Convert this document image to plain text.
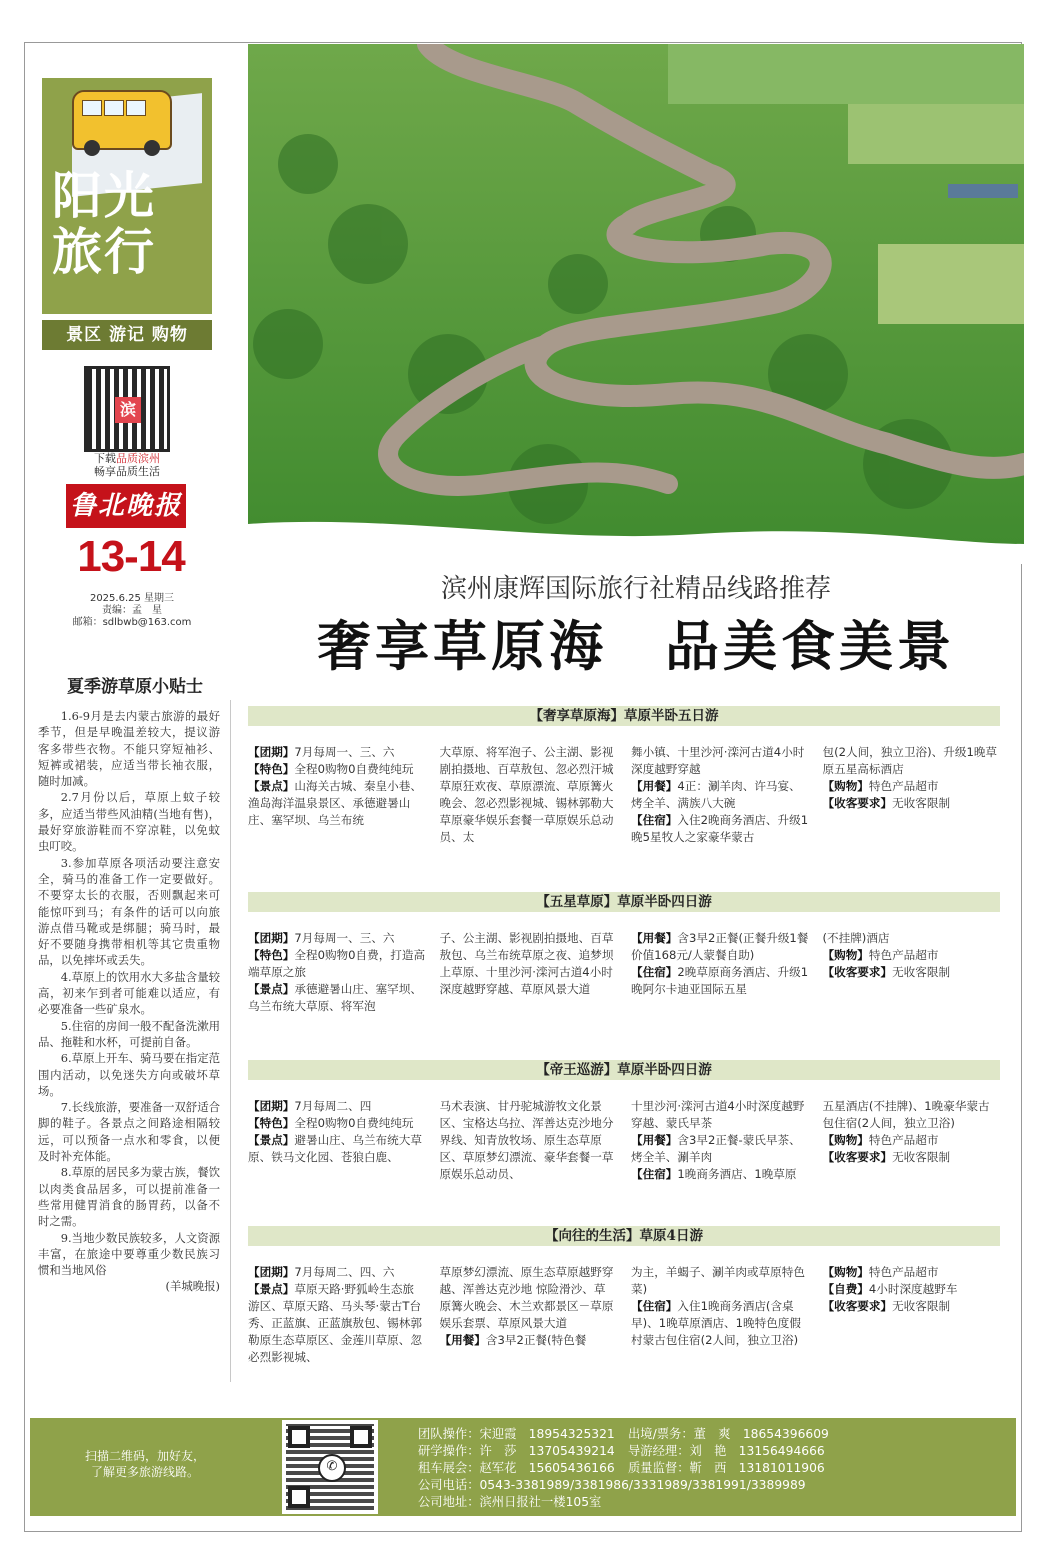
阳光
旅行
景区 游记 购物
滨
下载品质滨州
畅享品质生活
鲁北晚报
13-14
2025.6.25 星期三
责编：孟　星
邮箱：sdlbwb@163.com
滨州康辉国际旅行社精品线路推荐
奢享草原海　品美食美景
夏季游草原小贴士

1.6-9月是去内蒙古旅游的最好季节，但是早晚温差较大，提议游客多带些衣物。不能只穿短袖衫、短裤或裙装，应适当带长袖衣服，随时加减。

2.7月份以后，草原上蚊子较多，应适当带些风油精(当地有售)，最好穿旅游鞋而不穿凉鞋，以免蚊虫叮咬。

3.参加草原各项活动要注意安全，骑马的准备工作一定要做好。不要穿太长的衣服，否则飘起来可能惊吓到马；有条件的话可以向旅游点借马靴或是绑腿；骑马时，最好不要随身携带相机等其它贵重物品，以免摔坏或丢失。

4.草原上的饮用水大多盐含量较高，初来乍到者可能难以适应，有必要准备一些矿泉水。

5.住宿的房间一般不配备洗漱用品、拖鞋和水杯，可提前自备。

6.草原上开车、骑马要在指定范围内活动，以免迷失方向或破坏草场。

7.长线旅游，要准备一双舒适合脚的鞋子。各景点之间路途相隔较远，可以预备一点水和零食，以便及时补充体能。

8.草原的居民多为蒙古族，餐饮以肉类食品居多，可以提前准备一些常用健胃消食的肠胃药，以备不时之需。

9.当地少数民族较多，人文资源丰富，在旅途中要尊重少数民族习惯和当地风俗

(羊城晚报)

【奢享草原海】草原半卧五日游
【团期】7月每周一、三、六
【特色】全程0购物0自费纯纯玩
【景点】山海关古城、秦皇小巷、渔岛海洋温泉景区、承德避暑山庄、塞罕坝、乌兰布统
大草原、将军泡子、公主湖、影视剧拍摄地、百草敖包、忽必烈汗城草原狂欢夜、草原漂流、草原篝火晚会、忽必烈影视城、锡林郭勒大草原豪华娱乐套餐一草原娱乐总动员、太
舞小镇、十里沙河·滦河古道4小时深度越野穿越
【用餐】4正：涮羊肉、许马宴、烤全羊、满族八大碗
【住宿】入住2晚商务酒店、升级1晚5星牧人之家豪华蒙古
包(2人间，独立卫浴)、升级1晚草原五星高标酒店
【购物】特色产品超市
【收客要求】无收客限制
【五星草原】草原半卧四日游
【团期】7月每周一、三、六
【特色】全程0购物0自费，打造高端草原之旅
【景点】承德避暑山庄、塞罕坝、乌兰布统大草原、将军泡
子、公主湖、影视剧拍摄地、百草敖包、乌兰布统草原之夜、追梦坝上草原、十里沙河·滦河古道4小时深度越野穿越、草原风景大道
【用餐】含3早2正餐(正餐升级1餐价值168元/人蒙餐自助)
【住宿】2晚草原商务酒店、升级1晚阿尔卡迪亚国际五星
(不挂牌)酒店
【购物】特色产品超市
【收客要求】无收客限制
【帝王巡游】草原半卧四日游
【团期】7月每周二、四
【特色】全程0购物0自费纯纯玩
【景点】避暑山庄、乌兰布统大草原、铁马文化园、苍狼白鹿、
马术表演、甘丹驼城游牧文化景区、宝格达乌拉、浑善达克沙地分界线、知青放牧场、原生态草原区、草原梦幻漂流、豪华套餐一草原娱乐总动员、
十里沙河·滦河古道4小时深度越野穿越、蒙氏早茶
【用餐】含3早2正餐-蒙氏早茶、烤全羊、涮羊肉
【住宿】1晚商务酒店、1晚草原
五星酒店(不挂牌)、1晚豪华蒙古包住宿(2人间，独立卫浴)
【购物】特色产品超市
【收客要求】无收客限制
【向往的生活】草原4日游
【团期】7月每周二、四、六
【景点】草原天路·野狐岭生态旅游区、草原天路、马头琴·蒙古T台秀、正蓝旗、正蓝旗敖包、锡林郭勒原生态草原区、金莲川草原、忽必烈影视城、
草原梦幻漂流、原生态草原越野穿越、浑善达克沙地 惊险滑沙、草原篝火晚会、木兰欢都景区－草原娱乐套票、草原风景大道
【用餐】含3早2正餐(特色餐
为主，羊蝎子、涮羊肉或草原特色菜)
【住宿】入住1晚商务酒店(含桌早)、1晚草原酒店、1晚特色度假村蒙古包住宿(2人间，独立卫浴)
【购物】特色产品超市
【自费】4小时深度越野车
【收客要求】无收客限制
扫描二维码，加好友，了解更多旅游线路。	✆
团队操作：宋迎霞　18954325321 出境/票务：董　爽　18654396609
研学操作：许　莎　13705439214 导游经理：刘　艳　13156494666
租车展会：赵军花　15605436166 质量监督：靳　西　13181011906
公司电话：0543-3381989/3381986/3331989/3381991/3389989
公司地址：滨州日报社一楼105室
